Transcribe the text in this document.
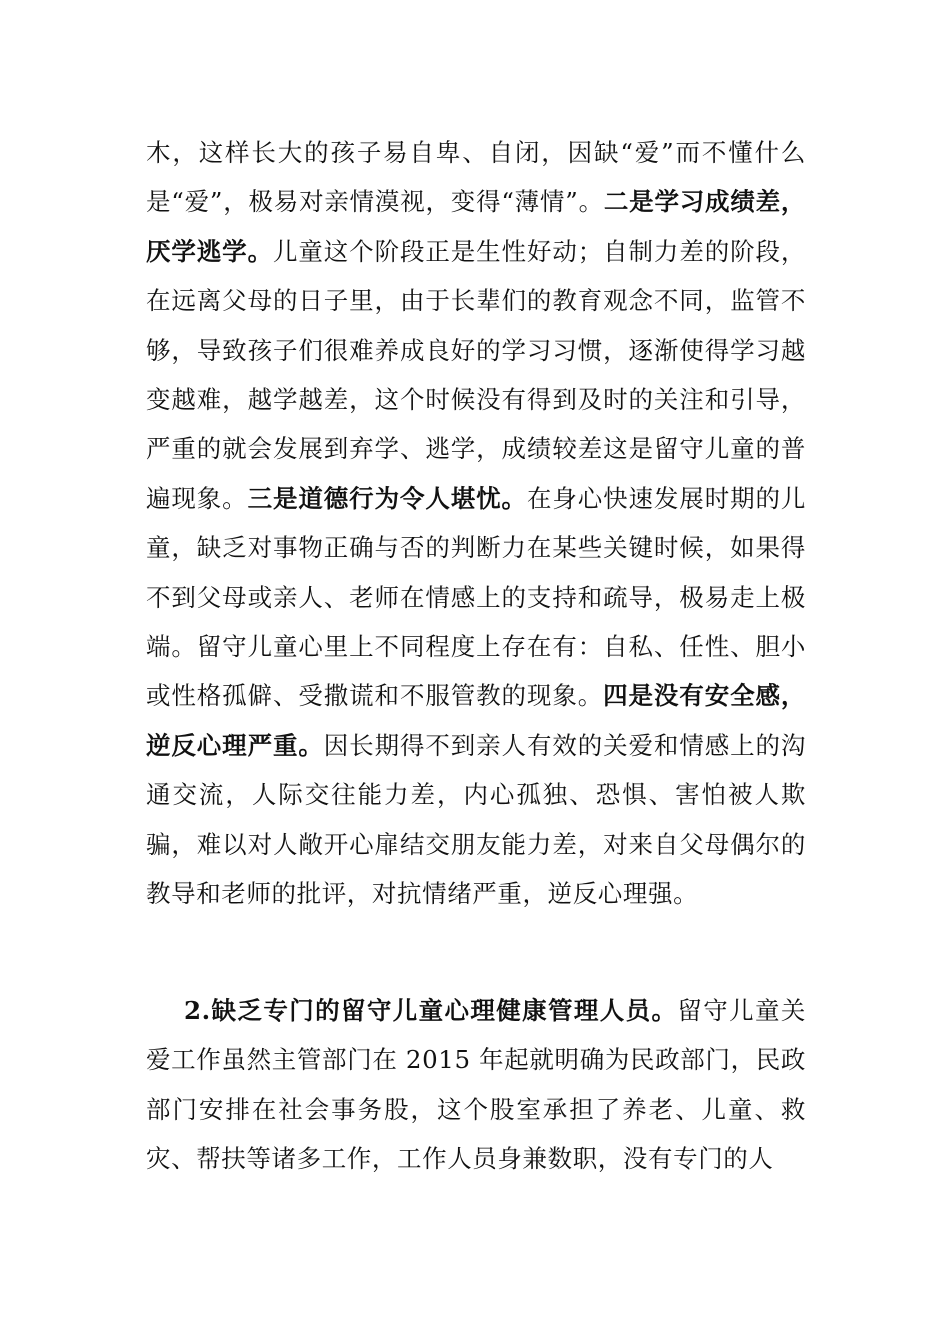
木，这样长大的孩子易自卑、自闭，因缺“爱”而不懂什么是“爱”，极易对亲情漠视，变得“薄情”。二是学习成绩差，厌学逃学。儿童这个阶段正是生性好动；自制力差的阶段，在远离父母的日子里，由于长辈们的教育观念不同，监管不够，导致孩子们很难养成良好的学习习惯，逐渐使得学习越变越难，越学越差，这个时候没有得到及时的关注和引导，严重的就会发展到弃学、逃学，成绩较差这是留守儿童的普遍现象。三是道德行为令人堪忧。在身心快速发展时期的儿童，缺乏对事物正确与否的判断力在某些关键时候，如果得不到父母或亲人、老师在情感上的支持和疏导，极易走上极端。留守儿童心里上不同程度上存在有：自私、任性、胆小或性格孤僻、受撒谎和不服管教的现象。四是没有安全感，逆反心理严重。因长期得不到亲人有效的关爱和情感上的沟通交流，人际交往能力差，内心孤独、恐惧、害怕被人欺骗，难以对人敞开心扉结交朋友能力差，对来自父母偶尔的教导和老师的批评，对抗情绪严重，逆反心理强。
2.缺乏专门的留守儿童心理健康管理人员。留守儿童关爱工作虽然主管部门在 2015 年起就明确为民政部门，民政部门安排在社会事务股，这个股室承担了养老、儿童、救灾、帮扶等诸多工作，工作人员身兼数职，没有专门的人
